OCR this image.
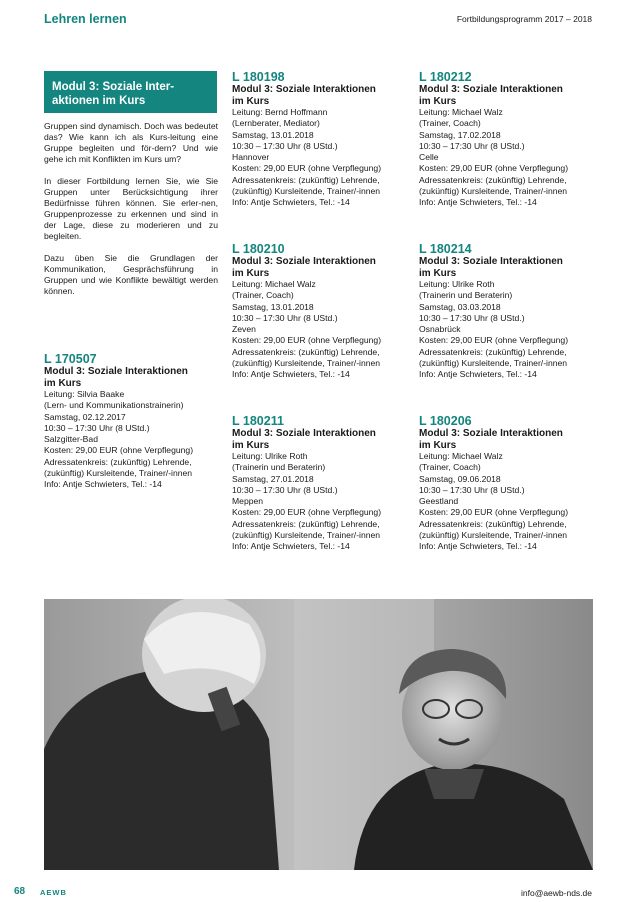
Lehren lernen	Fortbildungsprogramm 2017 – 2018
Modul 3: Soziale Inter-
aktionen im Kurs

Gruppen sind dynamisch. Doch was bedeutet das? Wie kann ich als Kurs-leitung eine Gruppe begleiten und för-dern? Und wie gehe ich mit Konflikten im Kurs um?

In dieser Fortbildung lernen Sie, wie Sie Gruppen unter Berücksichtigung ihrer Bedürfnisse führen können. Sie erler-nen, Gruppenprozesse zu erkennen und sind in der Lage, diese zu moderieren und zu begleiten.

Dazu üben Sie die Grundlagen der Kommunikation, Gesprächsführung in Gruppen und wie Konflikte bewältigt werden können.

L 170507
Modul 3: Soziale Interaktionen
im Kurs
Leitung: Silvia Baake
(Lern- und Kommunikationstrainerin)
Samstag, 02.12.2017
10:30 – 17:30 Uhr (8 UStd.)
Salzgitter-Bad
Kosten: 29,00 EUR (ohne Verpflegung)
Adressatenkreis: (zukünftig) Lehrende,
(zukünftig) Kursleitende, Trainer/-innen
Info: Antje Schwieters, Tel.: -14
L 180198
Modul 3: Soziale Interaktionen
im Kurs
Leitung: Bernd Hoffmann
(Lernberater, Mediator)
Samstag, 13.01.2018
10:30 – 17:30 Uhr (8 UStd.)
Hannover
Kosten: 29,00 EUR (ohne Verpflegung)
Adressatenkreis: (zukünftig) Lehrende,
(zukünftig) Kursleitende, Trainer/-innen
Info: Antje Schwieters, Tel.: -14
L 180210
Modul 3: Soziale Interaktionen
im Kurs
Leitung: Michael Walz
(Trainer, Coach)
Samstag, 13.01.2018
10:30 – 17:30 Uhr (8 UStd.)
Zeven
Kosten: 29,00 EUR (ohne Verpflegung)
Adressatenkreis: (zukünftig) Lehrende,
(zukünftig) Kursleitende, Trainer/-innen
Info: Antje Schwieters, Tel.: -14
L 180211
Modul 3: Soziale Interaktionen
im Kurs
Leitung: Ulrike Roth
(Trainerin und Beraterin)
Samstag, 27.01.2018
10:30 – 17:30 Uhr (8 UStd.)
Meppen
Kosten: 29,00 EUR (ohne Verpflegung)
Adressatenkreis: (zukünftig) Lehrende,
(zukünftig) Kursleitende, Trainer/-innen
Info: Antje Schwieters, Tel.: -14
L 180212
Modul 3: Soziale Interaktionen
im Kurs
Leitung: Michael Walz
(Trainer, Coach)
Samstag, 17.02.2018
10:30 – 17:30 Uhr (8 UStd.)
Celle
Kosten: 29,00 EUR (ohne Verpflegung)
Adressatenkreis: (zukünftig) Lehrende,
(zukünftig) Kursleitende, Trainer/-innen
Info: Antje Schwieters, Tel.: -14
L 180214
Modul 3: Soziale Interaktionen
im Kurs
Leitung: Ulrike Roth
(Trainerin und Beraterin)
Samstag, 03.03.2018
10:30 – 17:30 Uhr (8 UStd.)
Osnabrück
Kosten: 29,00 EUR (ohne Verpflegung)
Adressatenkreis: (zukünftig) Lehrende,
(zukünftig) Kursleitende, Trainer/-innen
Info: Antje Schwieters, Tel.: -14
L 180206
Modul 3: Soziale Interaktionen
im Kurs
Leitung: Michael Walz
(Trainer, Coach)
Samstag, 09.06.2018
10:30 – 17:30 Uhr (8 UStd.)
Geestland
Kosten: 29,00 EUR (ohne Verpflegung)
Adressatenkreis: (zukünftig) Lehrende,
(zukünftig) Kursleitende, Trainer/-innen
Info: Antje Schwieters, Tel.: -14
68 AEWB	info@aewb-nds.de
